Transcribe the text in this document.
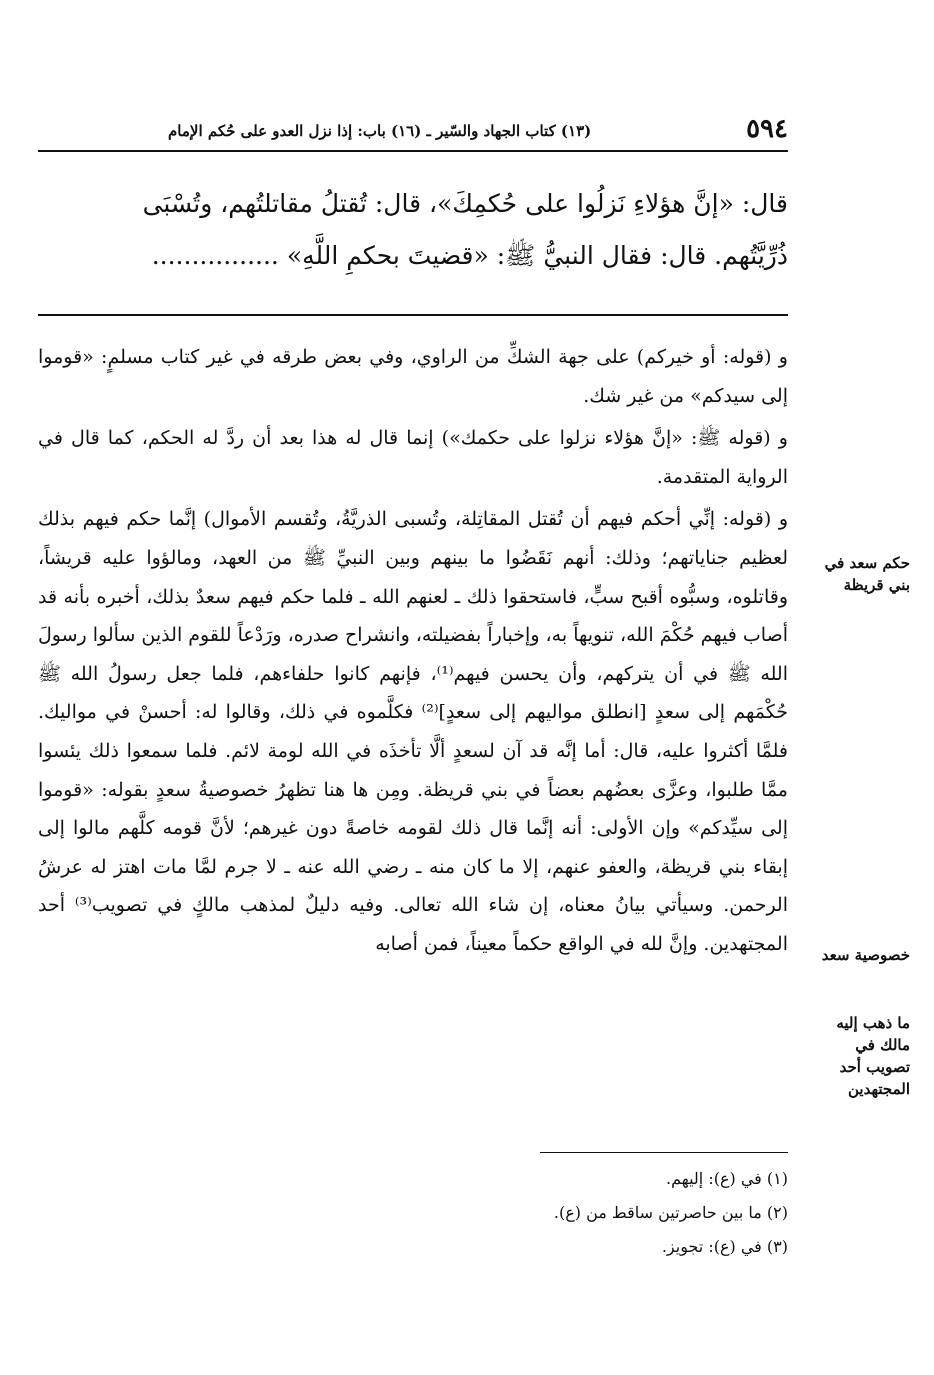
٥٩٤
(١٣) كتاب الجهاد والسّير ـ (١٦) باب: إذا نزل العدو على حُكم الإمام

قال: «إنَّ هؤلاءِ نَزلُوا على حُكمِكَ»، قال: تُقتلُ مقاتلتُهم، وتُسْبَى

ذُرِّيَّتُهم. قال: فقال النبيُّ ﷺ: «قضيتَ بحكمِ اللَّهِ» ................

و (قوله: أو خيركم) على جهة الشكِّ من الراوي، وفي بعض طرقه في غير كتاب مسلمٍ: «قوموا إلى سيدكم» من غير شك.

و (قوله ﷺ: «إنَّ هؤلاء نزلوا على حكمك») إنما قال له هذا بعد أن ردَّ له الحكم، كما قال في الرواية المتقدمة.

و (قوله: إنِّي أحكم فيهم أن تُقتل المقاتِلة، وتُسبى الذريَّةُ، وتُقسم الأموال) إنَّما حكم فيهم بذلك لعظيم جناياتهم؛ وذلك: أنهم نَقَضُوا ما بينهم وبين النبيِّ ﷺ من العهد، ومالؤوا عليه قريشاً، وقاتلوه، وسبُّوه أقبح سبٍّ، فاستحقوا ذلك ـ لعنهم الله ـ فلما حكم فيهم سعدٌ بذلك، أخبره بأنه قد أصاب فيهم حُكْمَ الله، تنويهاً به، وإخباراً بفضيلته، وانشراح صدره، ورَدْعاً للقوم الذين سألوا رسولَ الله ﷺ في أن يتركهم، وأن يحسن فيهم⁽¹⁾، فإنهم كانوا حلفاءهم، فلما جعل رسولُ الله ﷺ حُكْمَهم إلى سعدٍ [انطلق مواليهم إلى سعدٍ]⁽²⁾ فكلَّموه في ذلك، وقالوا له: أحسنْ في مواليك. فلمَّا أكثروا عليه، قال: أما إنَّه قد آن لسعدٍ ألَّا تأخذَه في الله لومة لائم. فلما سمعوا ذلك يئسوا ممَّا طلبوا، وعزَّى بعضُهم بعضاً في بني قريظة. ومِن ها هنا تظهرُ خصوصيةُ سعدٍ بقوله: «قوموا إلى سيِّدكم» وإن الأولى: أنه إنَّما قال ذلك لقومه خاصةً دون غيرهم؛ لأنَّ قومه كلَّهم مالوا إلى إبقاء بني قريظة، والعفو عنهم، إلا ما كان منه ـ رضي الله عنه ـ لا جرم لمَّا مات اهتز له عرشُ الرحمن. وسيأتي بيانُ معناه، إن شاء الله تعالى. وفيه دليلٌ لمذهب مالكٍ في تصويب⁽³⁾ أحد المجتهدين. وإنَّ لله في الواقع حكماً معيناً، فمن أصابه

حكم سعد في بني قريظة
خصوصية سعد
ما ذهب إليه مالك في تصويب أحد المجتهدين
(١) في (ع): إليهم.
(٢) ما بين حاصرتين ساقط من (ع).
(٣) في (ع): تجويز.
